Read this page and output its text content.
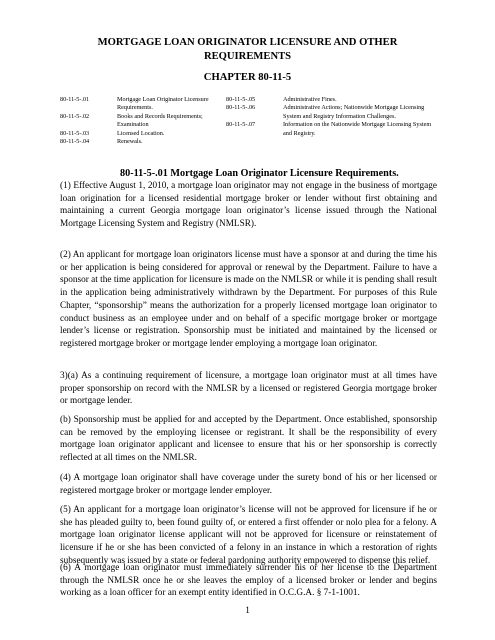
MORTGAGE LOAN ORIGINATOR LICENSURE AND OTHER
REQUIREMENTS
CHAPTER 80-11-5
80-11-5-.01	Mortgage Loan Originator Licensure Requirements.
80-11-5-.02	Books and Records Requirements; Examination
80-11-5-.03	Licensed Location.
80-11-5-.04	Renewals.
80-11-5-.05	Administrative Fines.
80-11-5-.06	Administrative Actions; Nationwide Mortgage Licensing System and Registry Information Challenges.
80-11-5-.07	Information on the Nationwide Mortgage Licensing System and Registry.
80-11-5-.01 Mortgage Loan Originator Licensure Requirements.

(1) Effective August 1, 2010, a mortgage loan originator may not engage in the business of mortgage loan origination for a licensed residential mortgage broker or lender without first obtaining and maintaining a current Georgia mortgage loan originator’s license issued through the National Mortgage Licensing System and Registry (NMLSR).

(2) An applicant for mortgage loan originators license must have a sponsor at and during the time his or her application is being considered for approval or renewal by the Department. Failure to have a sponsor at the time application for licensure is made on the NMLSR or while it is pending shall result in the application being administratively withdrawn by the Department. For purposes of this Rule Chapter, “sponsorship” means the authorization for a properly licensed mortgage loan originator to conduct business as an employee under and on behalf of a specific mortgage broker or mortgage lender’s license or registration. Sponsorship must be initiated and maintained by the licensed or registered mortgage broker or mortgage lender employing a mortgage loan originator.

3)(a) As a continuing requirement of licensure, a mortgage loan originator must at all times have proper sponsorship on record with the NMLSR by a licensed or registered Georgia mortgage broker or mortgage lender.

(b) Sponsorship must be applied for and accepted by the Department. Once established, sponsorship can be removed by the employing licensee or registrant. It shall be the responsibility of every mortgage loan originator applicant and licensee to ensure that his or her sponsorship is correctly reflected at all times on the NMLSR.

(4) A mortgage loan originator shall have coverage under the surety bond of his or her licensed or registered mortgage broker or mortgage lender employer.

(5) An applicant for a mortgage loan originator’s license will not be approved for licensure if he or she has pleaded guilty to, been found guilty of, or entered a first offender or nolo plea for a felony. A mortgage loan originator license applicant will not be approved for licensure or reinstatement of licensure if he or she has been convicted of a felony in an instance in which a restoration of rights subsequently was issued by a state or federal pardoning authority empowered to dispense this relief.

(6) A mortgage loan originator must immediately surrender his or her license to the Department through the NMLSR once he or she leaves the employ of a licensed broker or lender and begins working as a loan officer for an exempt entity identified in O.C.G.A. § 7-1-1001.

1
